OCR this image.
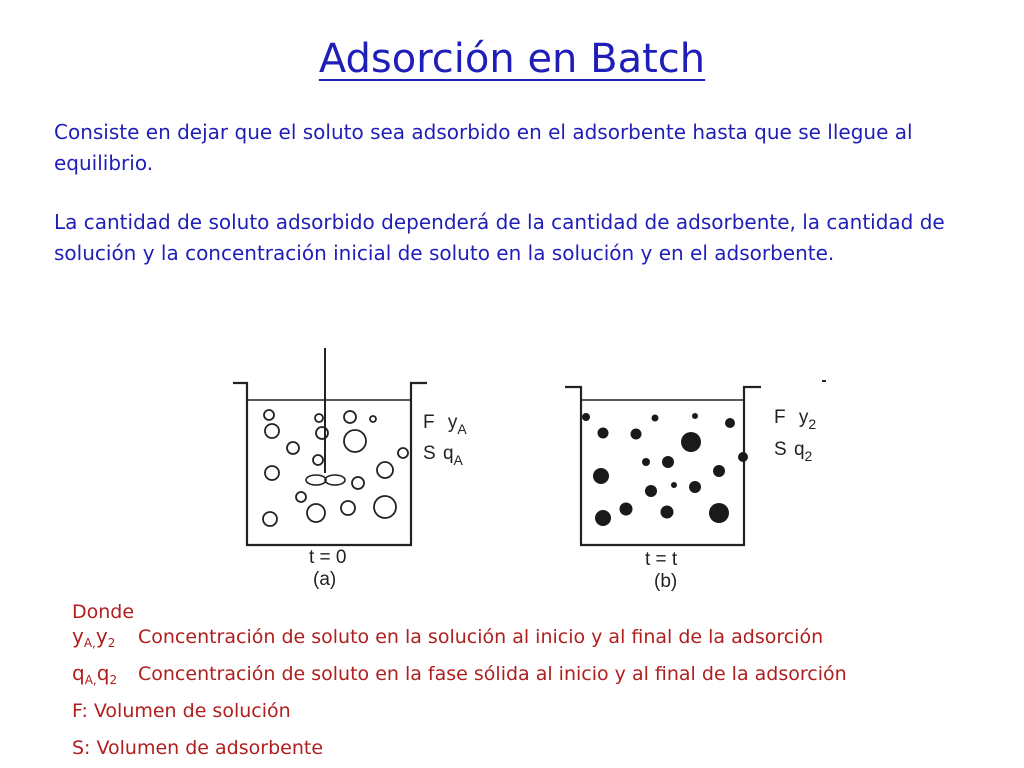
Adsorción en Batch

Consiste en dejar que el soluto sea adsorbido en el adsorbente hasta que se llegue al equilibrio.

La cantidad de soluto adsorbido dependerá de la cantidad de adsorbente, la cantidad de solución y la concentración inicial de soluto en la solución y en el adsorbente.

F $y_A$
S $q_A$
t = 0
(a)
F $y_2$
S $q_2$
t = t
(b)
Donde
$y_{A,}y_2$ Concentración de soluto en la solución al inicio y al final de la adsorción
$q_{A,}q_2$ Concentración de soluto en la fase sólida al inicio y al final de la adsorción
F: Volumen de solución
S: Volumen de adsorbente
